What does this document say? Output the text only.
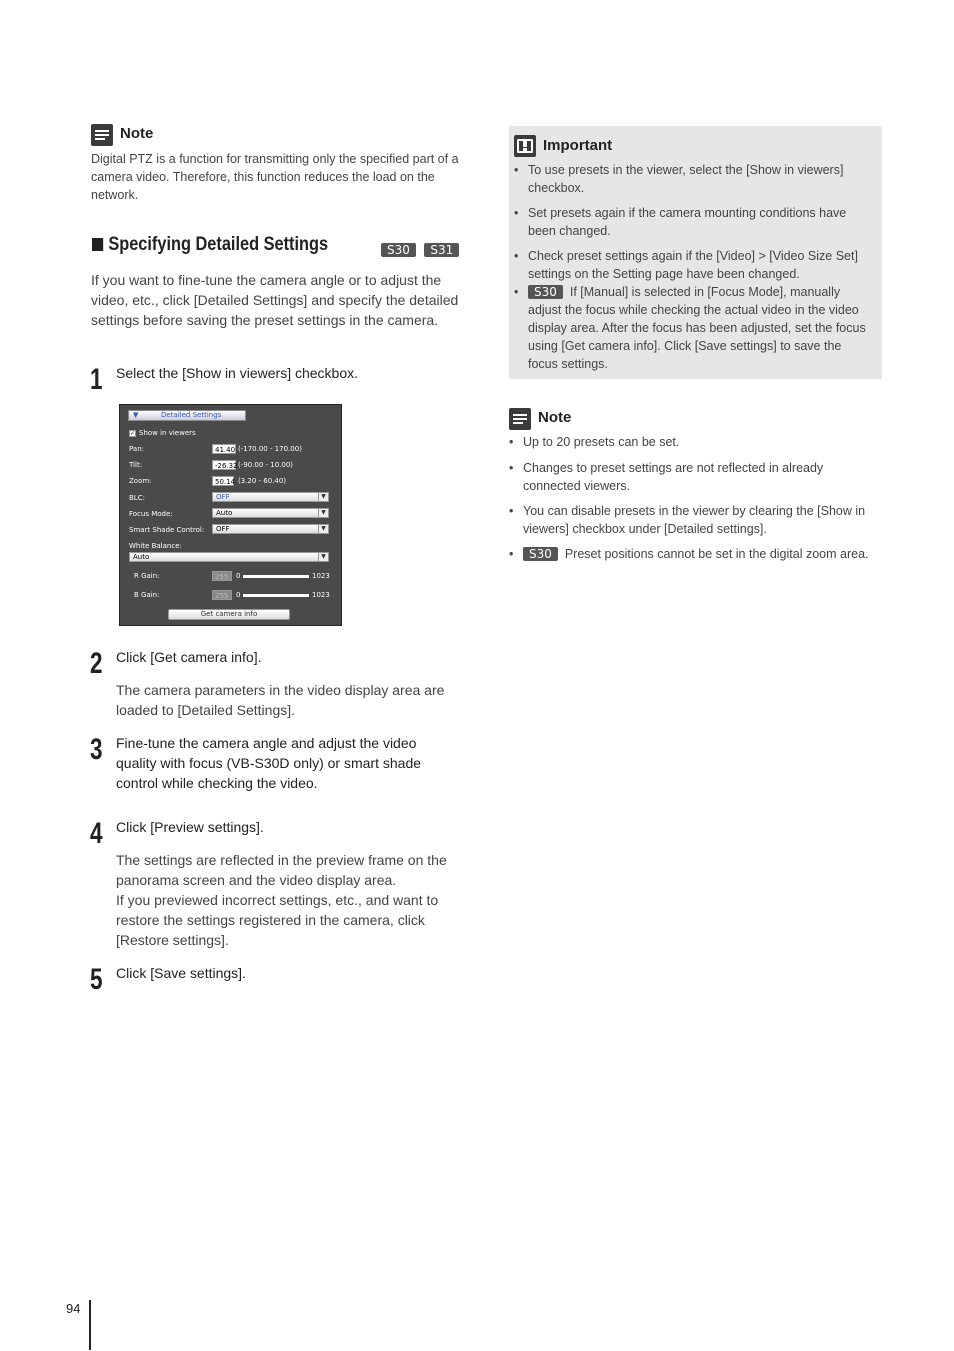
Note
Digital PTZ is a function for transmitting only the specified part of a camera video. Therefore, this function reduces the load on the network.
Specifying Detailed Settings	S30 S31
If you want to fine-tune the camera angle or to adjust the video, etc., click [Detailed Settings] and specify the detailed settings before saving the preset settings in the camera.
1 Select the [Show in viewers] checkbox.
▼	Detailed Settings
✓ Show in viewers
Pan:	41.40 (-170.00 - 170.00)
Tilt:	-26.32 (-90.00 - 10.00)
Zoom:	50.14 (3.20 - 60.40)
BLC:	OFF	▼
Focus Mode:	Auto	▼
Smart Shade Control:	OFF	▼
White Balance:
Auto	▼
R Gain:	255	0	1023
B Gain:	255	0	1023
Get camera info
2 Click [Get camera info].
The camera parameters in the video display area are loaded to [Detailed Settings].
3 Fine-tune the camera angle and adjust the video quality with focus (VB-S30D only) or smart shade control while checking the video.
4 Click [Preview settings].
The settings are reflected in the preview frame on the panorama screen and the video display area.
If you previewed incorrect settings, etc., and want to restore the settings registered in the camera, click [Restore settings].
5 Click [Save settings].
Important
• To use presets in the viewer, select the [Show in viewers] checkbox.
• Set presets again if the camera mounting conditions have been changed.
• Check preset settings again if the [Video] > [Video Size Set] settings on the Setting page have been changed.
• S30 If [Manual] is selected in [Focus Mode], manually adjust the focus while checking the actual video in the video display area. After the focus has been adjusted, set the focus using [Get camera info]. Click [Save settings] to save the focus settings.
Note
• Up to 20 presets can be set.
• Changes to preset settings are not reflected in already connected viewers.
• You can disable presets in the viewer by clearing the [Show in viewers] checkbox under [Detailed settings].
• S30 Preset positions cannot be set in the digital zoom area.
94
